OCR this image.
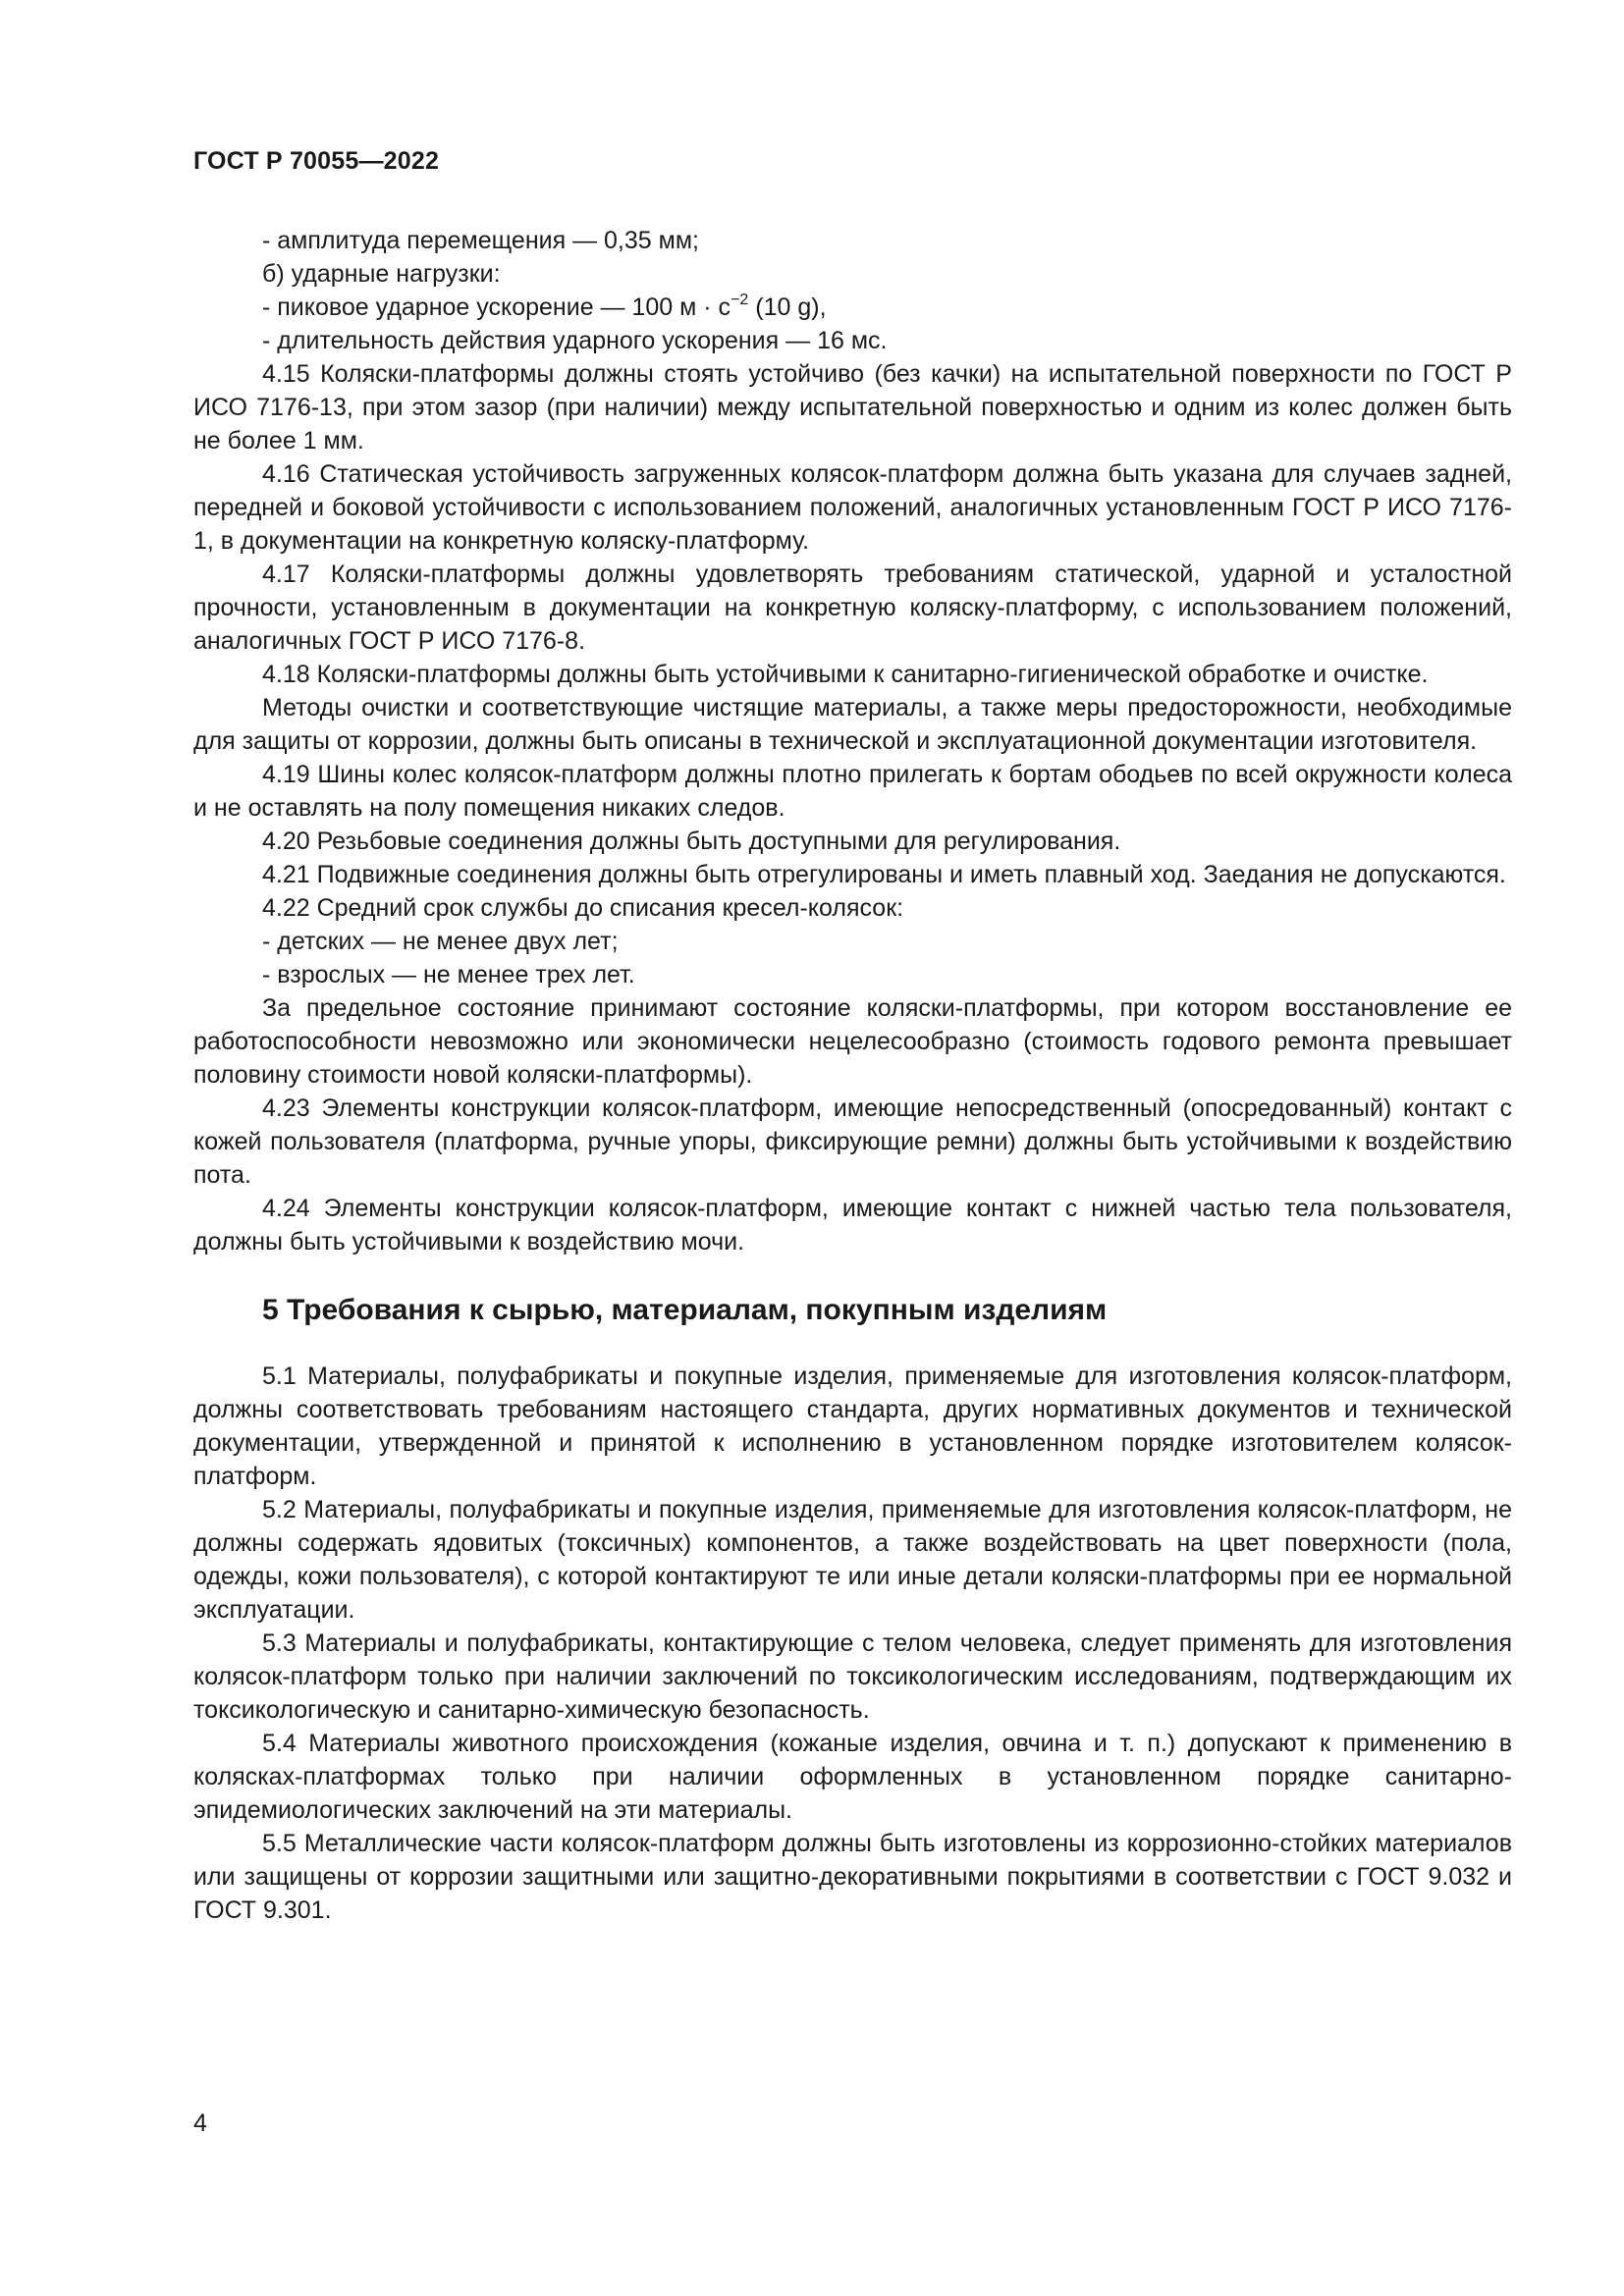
ГОСТ Р 70055—2022

- амплитуда перемещения — 0,35 мм;

б) ударные нагрузки:

- пиковое ударное ускорение — 100 $м \cdot с^{-2}$ (10 g),

- длительность действия ударного ускорения — 16 мс.

4.15 Коляски-платформы должны стоять устойчиво (без качки) на испытательной поверхности по ГОСТ Р ИСО 7176-13, при этом зазор (при наличии) между испытательной поверхностью и одним из колес должен быть не более 1 мм.

4.16 Статическая устойчивость загруженных колясок-платформ должна быть указана для случаев задней, передней и боковой устойчивости с использованием положений, аналогичных установленным ГОСТ Р ИСО 7176-1, в документации на конкретную коляску-платформу.

4.17 Коляски-платформы должны удовлетворять требованиям статической, ударной и усталостной прочности, установленным в документации на конкретную коляску-платформу, с использованием положений, аналогичных ГОСТ Р ИСО 7176-8.

4.18 Коляски-платформы должны быть устойчивыми к санитарно-гигиенической обработке и очистке.

Методы очистки и соответствующие чистящие материалы, а также меры предосторожности, необходимые для защиты от коррозии, должны быть описаны в технической и эксплуатационной документации изготовителя.

4.19 Шины колес колясок-платформ должны плотно прилегать к бортам ободьев по всей окружности колеса и не оставлять на полу помещения никаких следов.

4.20 Резьбовые соединения должны быть доступными для регулирования.

4.21 Подвижные соединения должны быть отрегулированы и иметь плавный ход. Заедания не допускаются.

4.22 Средний срок службы до списания кресел-колясок:

- детских — не менее двух лет;

- взрослых — не менее трех лет.

За предельное состояние принимают состояние коляски-платформы, при котором восстановление ее работоспособности невозможно или экономически нецелесообразно (стоимость годового ремонта превышает половину стоимости новой коляски-платформы).

4.23 Элементы конструкции колясок-платформ, имеющие непосредственный (опосредованный) контакт с кожей пользователя (платформа, ручные упоры, фиксирующие ремни) должны быть устойчивыми к воздействию пота.

4.24 Элементы конструкции колясок-платформ, имеющие контакт с нижней частью тела пользователя, должны быть устойчивыми к воздействию мочи.

5 Требования к сырью, материалам, покупным изделиям

5.1 Материалы, полуфабрикаты и покупные изделия, применяемые для изготовления колясок-платформ, должны соответствовать требованиям настоящего стандарта, других нормативных документов и технической документации, утвержденной и принятой к исполнению в установленном порядке изготовителем колясок-платформ.

5.2 Материалы, полуфабрикаты и покупные изделия, применяемые для изготовления колясок-платформ, не должны содержать ядовитых (токсичных) компонентов, а также воздействовать на цвет поверхности (пола, одежды, кожи пользователя), с которой контактируют те или иные детали коляски-платформы при ее нормальной эксплуатации.

5.3 Материалы и полуфабрикаты, контактирующие с телом человека, следует применять для изготовления колясок-платформ только при наличии заключений по токсикологическим исследованиям, подтверждающим их токсикологическую и санитарно-химическую безопасность.

5.4 Материалы животного происхождения (кожаные изделия, овчина и т. п.) допускают к применению в колясках-платформах только при наличии оформленных в установленном порядке санитарно-эпидемиологических заключений на эти материалы.

5.5 Металлические части колясок-платформ должны быть изготовлены из коррозионно-стойких материалов или защищены от коррозии защитными или защитно-декоративными покрытиями в соответствии с ГОСТ 9.032 и ГОСТ 9.301.

4
